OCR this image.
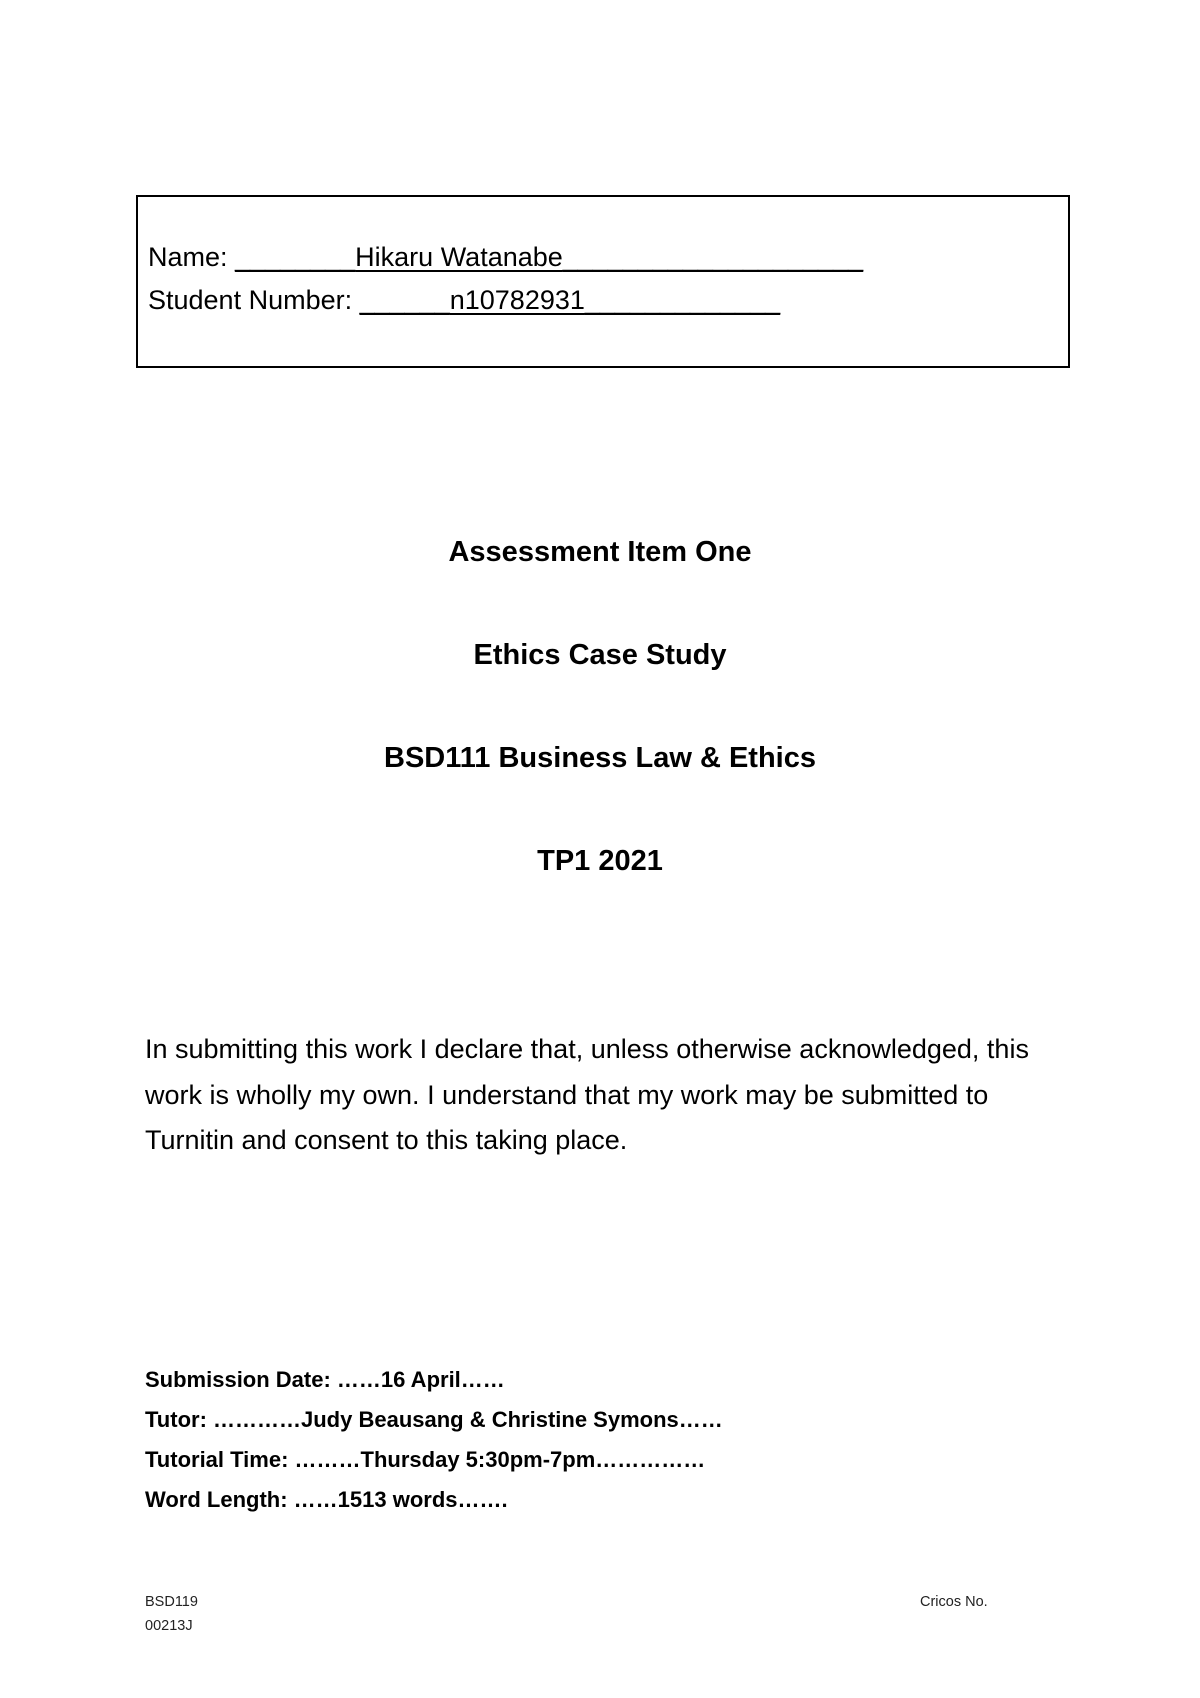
Name: ________Hikaru Watanabe____________________
Student Number: ______n10782931_____________
Assessment Item One
Ethics Case Study
BSD111 Business Law & Ethics
TP1 2021
In submitting this work I declare that, unless otherwise acknowledged, this work is wholly my own. I understand that my work may be submitted to Turnitin and consent to this taking place.
Submission Date: ……16 April……
Tutor: …………Judy Beausang & Christine Symons……
Tutorial Time: ………Thursday 5:30pm-7pm……………
Word Length: ……1513 words…….
BSD119
00213J
Cricos No.
